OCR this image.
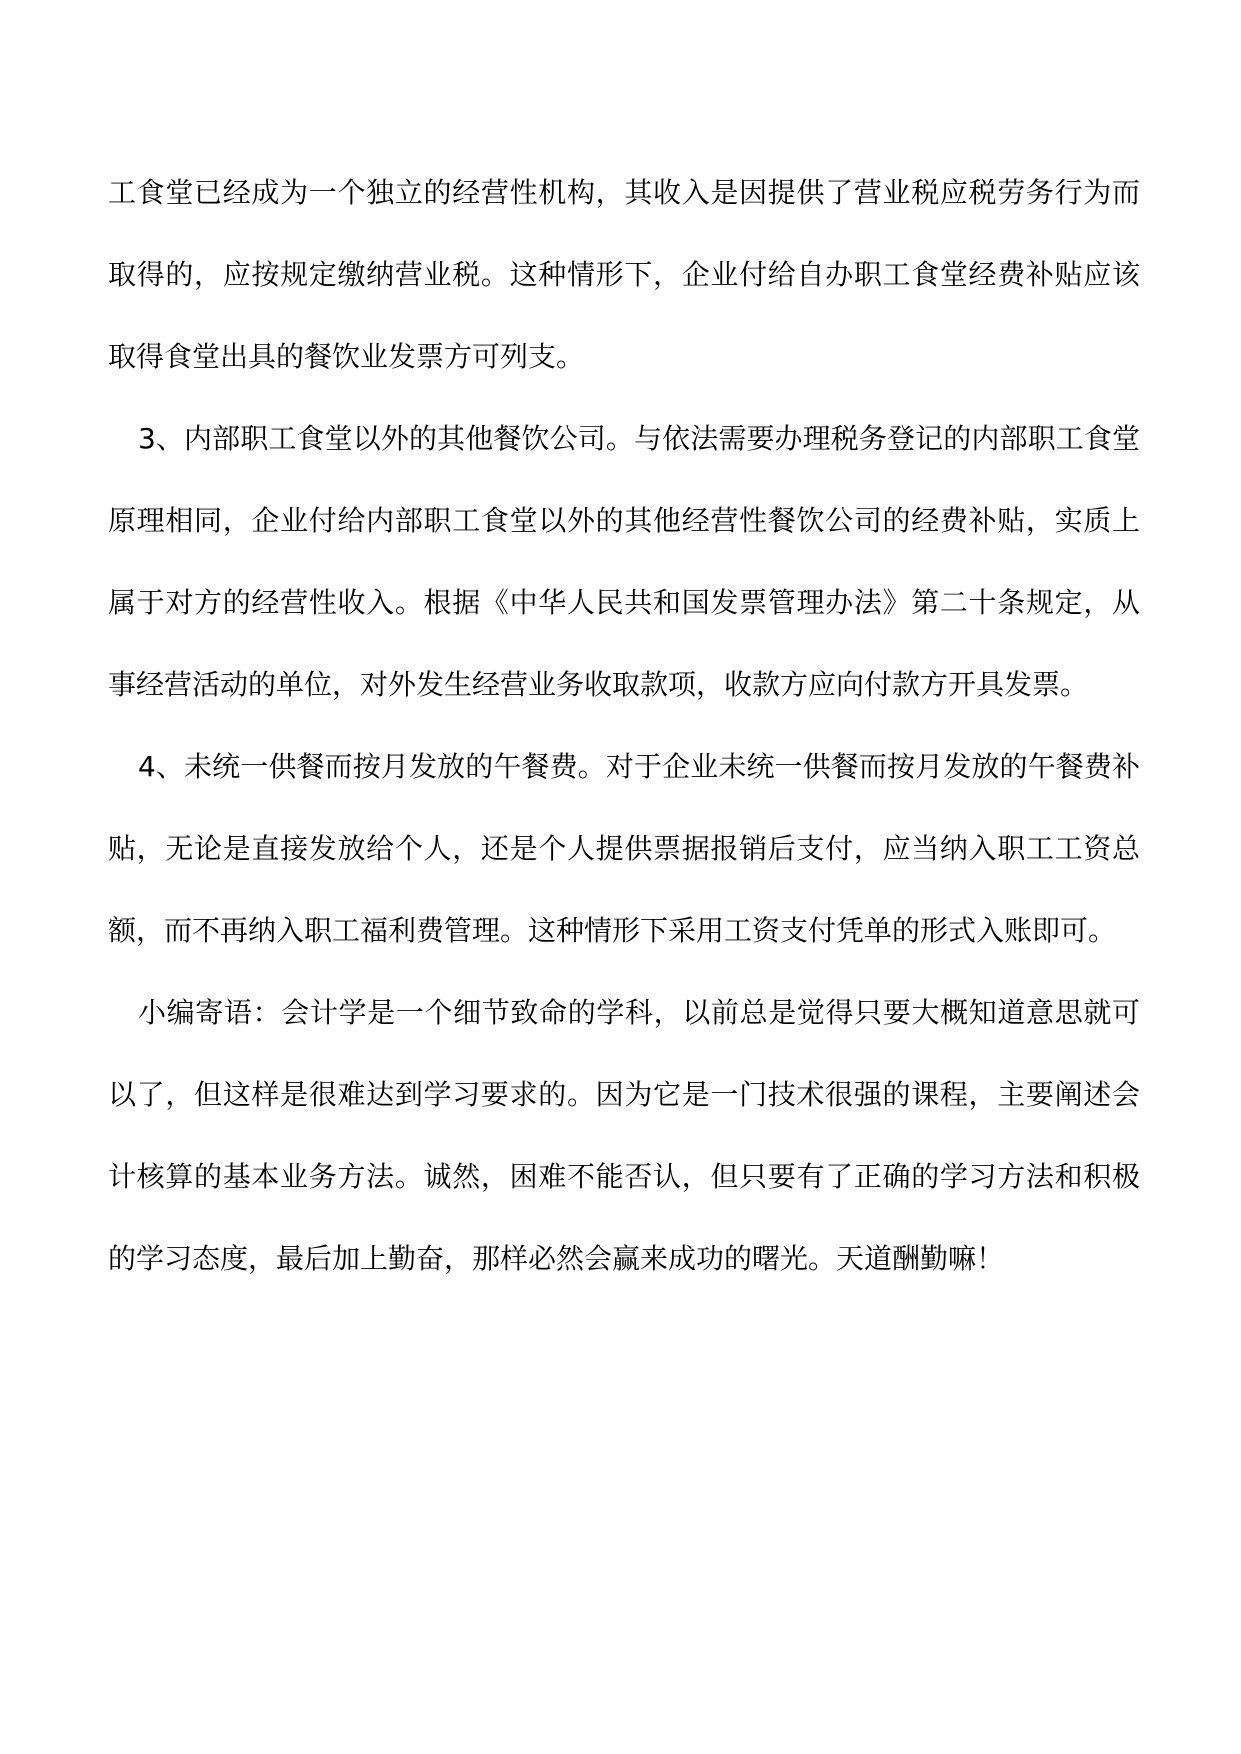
工食堂已经成为一个独立的经营性机构，其收入是因提供了营业税应税劳务行为而取得的，应按规定缴纳营业税。这种情形下，企业付给自办职工食堂经费补贴应该取得食堂出具的餐饮业发票方可列支。

3、内部职工食堂以外的其他餐饮公司。与依法需要办理税务登记的内部职工食堂原理相同，企业付给内部职工食堂以外的其他经营性餐饮公司的经费补贴，实质上属于对方的经营性收入。根据《中华人民共和国发票管理办法》第二十条规定，从事经营活动的单位，对外发生经营业务收取款项，收款方应向付款方开具发票。

4、未统一供餐而按月发放的午餐费。对于企业未统一供餐而按月发放的午餐费补贴，无论是直接发放给个人，还是个人提供票据报销后支付，应当纳入职工工资总额，而不再纳入职工福利费管理。这种情形下采用工资支付凭单的形式入账即可。

小编寄语：会计学是一个细节致命的学科，以前总是觉得只要大概知道意思就可以了，但这样是很难达到学习要求的。因为它是一门技术很强的课程，主要阐述会计核算的基本业务方法。诚然，困难不能否认，但只要有了正确的学习方法和积极的学习态度，最后加上勤奋，那样必然会赢来成功的曙光。天道酬勤嘛！
